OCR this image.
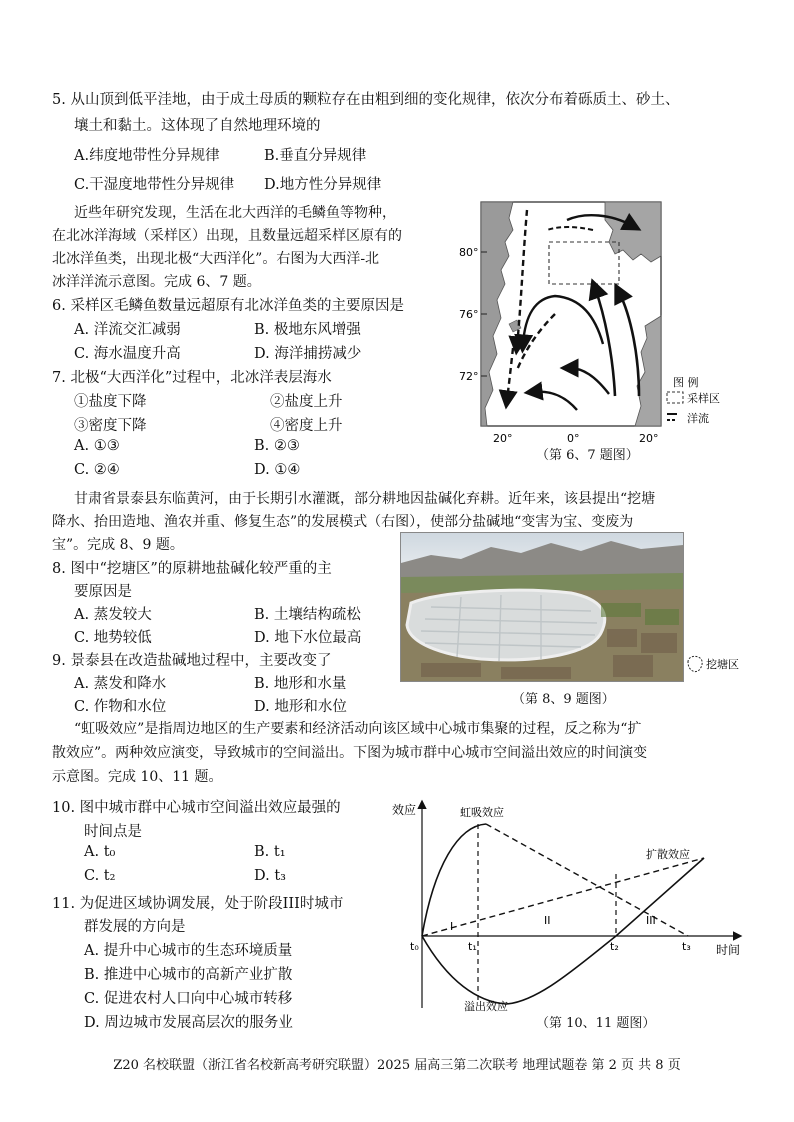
5. 从山顶到低平洼地，由于成土母质的颗粒存在由粗到细的变化规律，依次分布着砾质土、砂土、
壤土和黏土。这体现了自然地理环境的
A.纬度地带性分异规律	B.垂直分异规律
C.干湿度地带性分异规律 D.地方性分异规律
近些年研究发现，生活在北大西洋的毛鳞鱼等物种，
在北冰洋海域（采样区）出现，且数量远超采样区原有的
北冰洋鱼类，出现北极“大西洋化”。右图为大西洋-北
冰洋洋流示意图。完成 6、7 题。
6. 采样区毛鳞鱼数量远超原有北冰洋鱼类的主要原因是
A. 洋流交汇减弱	B. 极地东风增强
C. 海水温度升高	D. 海洋捕捞减少
7. 北极“大西洋化”过程中，北冰洋表层海水
①盐度下降	②盐度上升
③密度下降	④密度上升
A. ①③	B. ②③
C. ②④	D. ①④
图 例
采样区
洋流
80°
76°
72°
20°	0°	20°
（第 6、7 题图）
甘肃省景泰县东临黄河，由于长期引水灌溉，部分耕地因盐碱化弃耕。近年来，该县提出“挖塘
降水、抬田造地、渔农并重、修复生态”的发展模式（右图），使部分盐碱地“变害为宝、变废为
宝”。完成 8、9 题。
8. 图中“挖塘区”的原耕地盐碱化较严重的主
要原因是
A. 蒸发较大	B. 土壤结构疏松
C. 地势较低	D. 地下水位最高
9. 景泰县在改造盐碱地过程中，主要改变了
A. 蒸发和降水	B. 地形和水量
C. 作物和水位	D. 地形和水位
挖塘区
（第 8、9 题图）
“虹吸效应”是指周边地区的生产要素和经济活动向该区域中心城市集聚的过程，反之称为“扩
散效应”。两种效应演变，导致城市的空间溢出。下图为城市群中心城市空间溢出效应的时间演变
示意图。完成 10、11 题。
10. 图中城市群中心城市空间溢出效应最强的
时间点是
A. t₀	B. t₁
C. t₂	D. t₃
11. 为促进区域协调发展，处于阶段III时城市
群发展的方向是
A. 提升中心城市的生态环境质量
B. 推进中心城市的高新产业扩散
C. 促进农村人口向中心城市转移
D. 周边城市发展高层次的服务业
效应
时间
虹吸效应
扩散效应
溢出效应
I	II	III
t₀	t₁	t₂	t₃
（第 10、11 题图）
Z20 名校联盟（浙江省名校新高考研究联盟）2025 届高三第二次联考 地理试题卷 第 2 页 共 8 页
